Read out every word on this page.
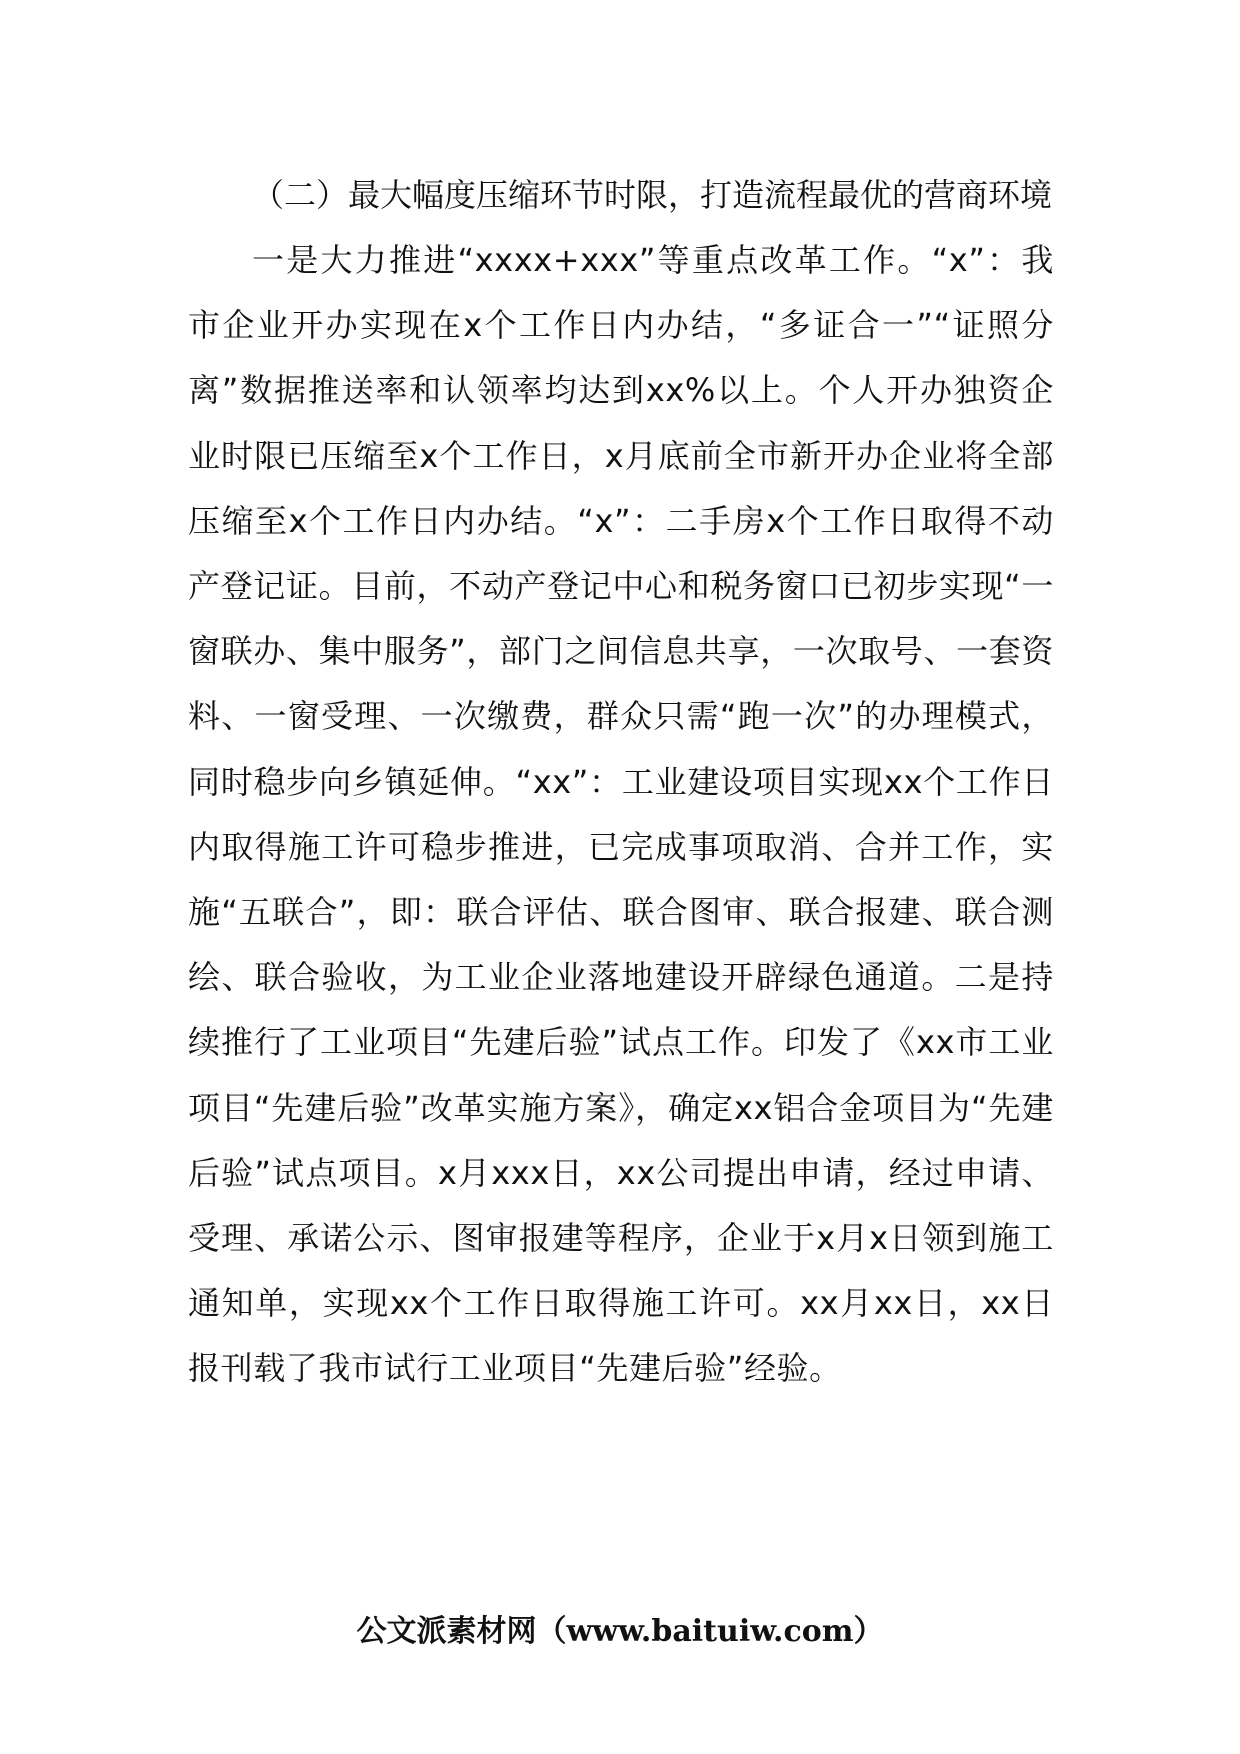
（二）最大幅度压缩环节时限，打造流程最优的营商环境

一是大力推进“xxxx+xxx”等重点改革工作。“x”：我市企业开办实现在x个工作日内办结，“多证合一”“证照分离”数据推送率和认领率均达到xx%以上。个人开办独资企业时限已压缩至x个工作日，x月底前全市新开办企业将全部压缩至x个工作日内办结。“x”：二手房x个工作日取得不动产登记证。目前，不动产登记中心和税务窗口已初步实现“一窗联办、集中服务”，部门之间信息共享，一次取号、一套资料、一窗受理、一次缴费，群众只需“跑一次”的办理模式，同时稳步向乡镇延伸。“xx”：工业建设项目实现xx个工作日内取得施工许可稳步推进，已完成事项取消、合并工作，实施“五联合”，即：联合评估、联合图审、联合报建、联合测绘、联合验收，为工业企业落地建设开辟绿色通道。二是持续推行了工业项目“先建后验”试点工作。印发了《xx市工业项目“先建后验”改革实施方案》，确定xx铝合金项目为“先建后验”试点项目。x月xxx日，xx公司提出申请，经过申请、受理、承诺公示、图审报建等程序，企业于x月x日领到施工通知单，实现xx个工作日取得施工许可。xx月xx日，xx日报刊载了我市试行工业项目“先建后验”经验。

公文派素材网（www.baituiw.com）
